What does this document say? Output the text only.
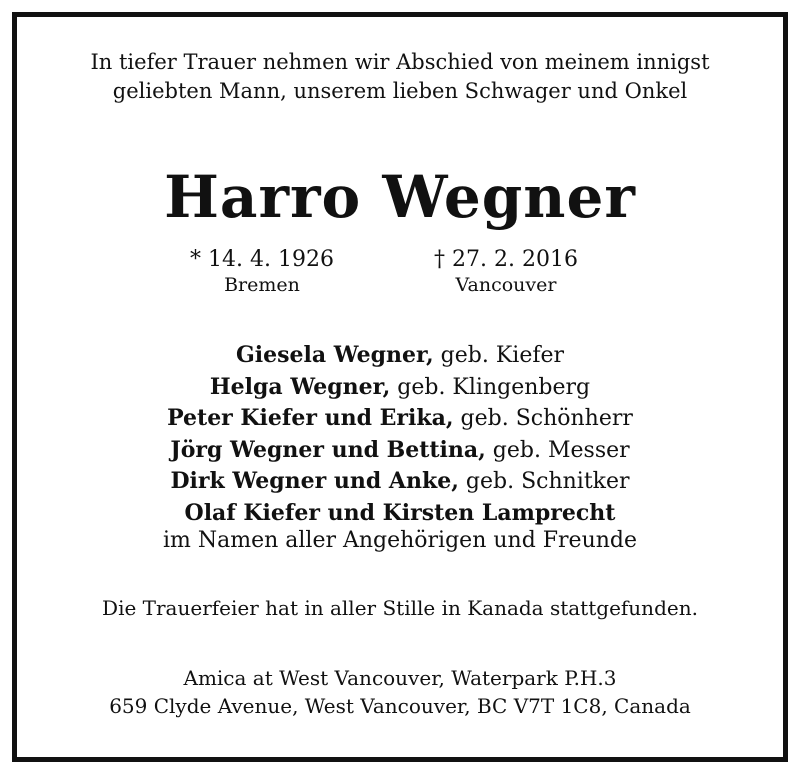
In tiefer Trauer nehmen wir Abschied von meinem innigst
geliebten Mann, unserem lieben Schwager und Onkel
Harro Wegner
* 14. 4. 1926
Bremen
† 27. 2. 2016
Vancouver
Giesela Wegner, geb. Kiefer
Helga Wegner, geb. Klingenberg
Peter Kiefer und Erika, geb. Schönherr
Jörg Wegner und Bettina, geb. Messer
Dirk Wegner und Anke, geb. Schnitker
Olaf Kiefer und Kirsten Lamprecht
im Namen aller Angehörigen und Freunde
Die Trauerfeier hat in aller Stille in Kanada stattgefunden.
Amica at West Vancouver, Waterpark P.H.3
659 Clyde Avenue, West Vancouver, BC V7T 1C8, Canada
